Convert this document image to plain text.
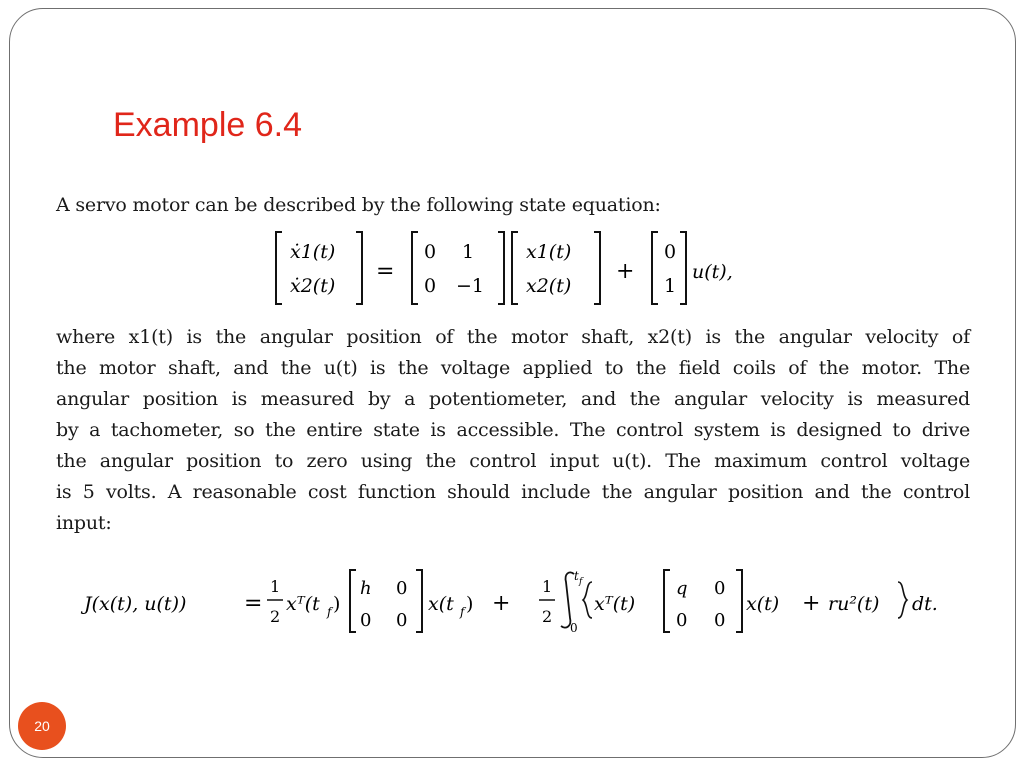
Example 6.4
A servo motor can be described by the following state equation:
ẋ1(t)
ẋ2(t)
=
0 1
0 −1
x1(t)
x2(t)
+
0
1
u(t),
where x1(t) is the angular position of the motor shaft, x2(t) is the angular velocity of
the motor shaft, and the u(t) is the voltage applied to the field coils of the motor. The
angular position is measured by a potentiometer, and the angular velocity is measured
by a tachometer, so the entire state is accessible. The control system is designed to drive
the angular position to zero using the control input u(t). The maximum control voltage
is 5 volts. A reasonable cost function should include the angular position and the control
input:
J(x(t), u(t))	=
1
2
xᵀ(t f )
h 0
0 0
x(t f ) +
1
2
t f
0
xᵀ(t)
q 0
0 0
x(t) + ru²(t) dt.
20
